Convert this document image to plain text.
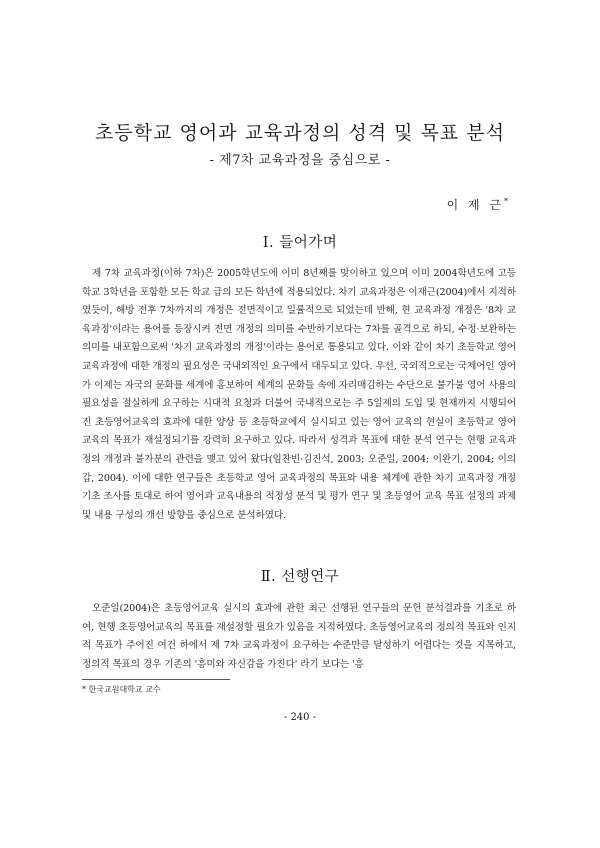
초등학교 영어과 교육과정의 성격 및 목표 분석
- 제7차 교육과정을 중심으로 -
이 제 근*
I. 들어가며

제 7차 교육과정(이하 7차)은 2005학년도에 이미 8년째를 맞이하고 있으며 이미 2004학년도에 고등학교 3학년을 포함한 모든 학교 급의 모든 학년에 적용되었다. 차기 교육과정은 이재근(2004)에서 지적하였듯이, 해방 전후 7차까지의 개정은 전면적이고 일률적으로 되었는데 반해, 현 교육과정 개정은 '8차 교육과정'이라는 용어를 등장시켜 전면 개정의 의미를 수반하기보다는 7차를 골격으로 하되, 수정·보완하는 의미를 내포함으로써 '차기 교육과정의 개정'이라는 용어로 통용되고 있다. 이와 같이 차기 초등학교 영어 교육과정에 대한 개정의 필요성은 국내외적인 요구에서 대두되고 있다. 우선, 국외적으로는 국제어인 영어가 이제는 자국의 문화를 세계에 홍보하여 세계의 문화들 속에 자리매김하는 수단으로 불가불 영어 사용의 필요성을 절실하게 요구하는 시대적 요청과 더불어 국내적으로는 주 5일제의 도입 및 현재까지 시행되어진 초등영어교육의 효과에 대한 양상 등 초등학교에서 실시되고 있는 영어 교육의 현실이 초등학교 영어 교육의 목표가 재설정되기를 강력히 요구하고 있다. 따라서 성격과 목표에 대한 분석 연구는 현행 교육과정의 개정과 불가분의 관련을 맺고 있어 왔다(임찬빈·김진석, 2003; 오준일, 2004; 이완기, 2004; 이의갑, 2004). 이에 대한 연구들은 초등학교 영어 교육과정의 목표와 내용 체계에 관한 차기 교육과정 개정 기초 조사를 토대로 하여 영어과 교육내용의 적정성 분석 및 평가 연구 및 초등영어 교육 목표 설정의 과제 및 내용 구성의 개선 방향을 중심으로 분석하였다.

Ⅱ. 선행연구

오준일(2004)은 초등영어교육 실시의 효과에 관한 최근 선행된 연구들의 문헌 분석결과를 기초로 하여, 현행 초등영어교육의 목표를 재설정할 필요가 있음을 지적하였다. 초등영어교육의 정의적 목표와 인지적 목표가 주어진 여건 하에서 제 7차 교육과정이 요구하는 수준만큼 달성하기 어렵다는 것을 지목하고, 정의적 목표의 경우 기존의 '흥미와 자신감을 가진다' 라기 보다는 '흥

* 한국교원대학교 교수
- 240 -
